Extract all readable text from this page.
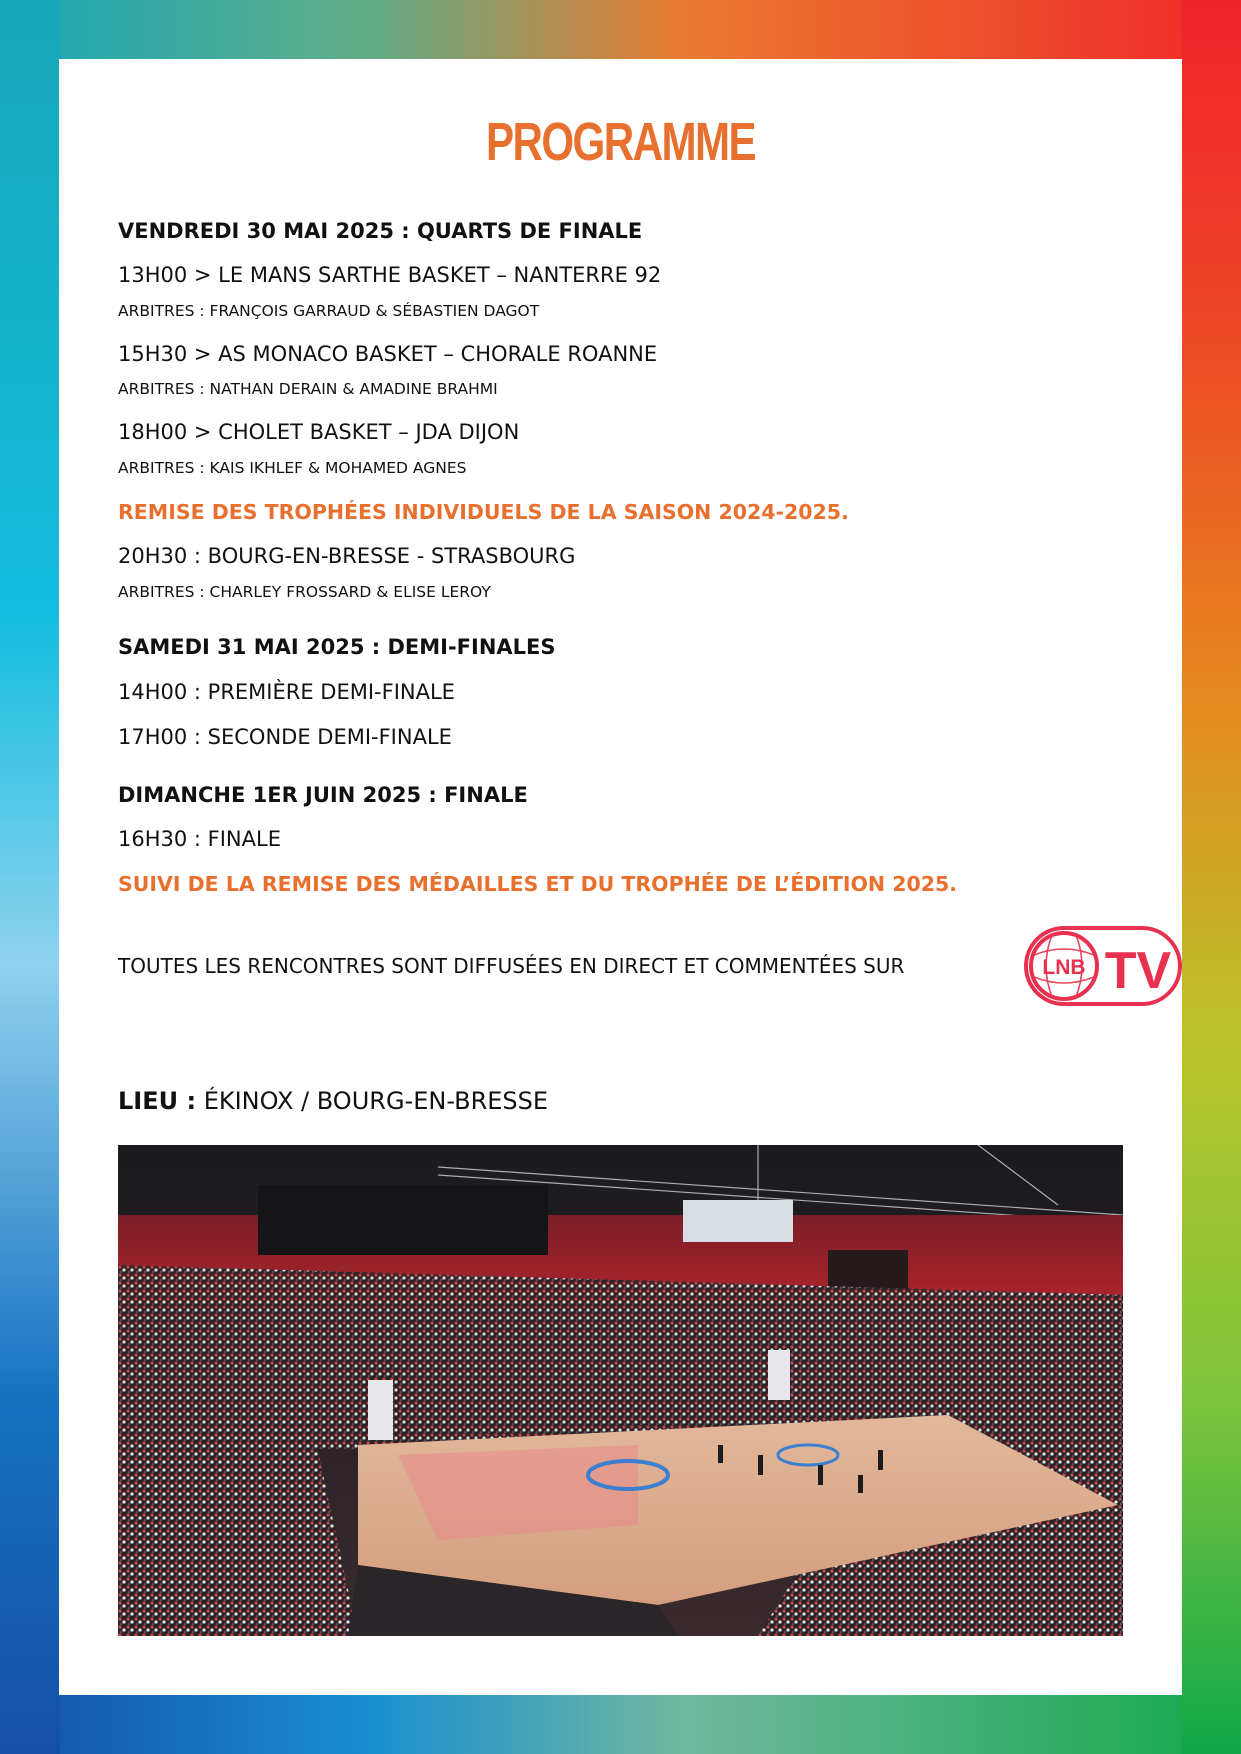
PROGRAMME
VENDREDI 30 MAI 2025 : QUARTS DE FINALE
13H00 > LE MANS SARTHE BASKET – NANTERRE 92
ARBITRES : FRANÇOIS GARRAUD & SÉBASTIEN DAGOT
15H30 > AS MONACO BASKET – CHORALE ROANNE
ARBITRES : NATHAN DERAIN & AMADINE BRAHMI
18H00 > CHOLET BASKET – JDA DIJON
ARBITRES : KAIS IKHLEF & MOHAMED AGNES
REMISE DES TROPHÉES INDIVIDUELS DE LA SAISON 2024-2025.
20H30 : BOURG-EN-BRESSE - STRASBOURG
ARBITRES : CHARLEY FROSSARD & ELISE LEROY
SAMEDI 31 MAI 2025 : DEMI-FINALES
14H00 : PREMIÈRE DEMI-FINALE
17H00 : SECONDE DEMI-FINALE
DIMANCHE 1ER JUIN 2025 : FINALE
16H30 : FINALE
SUIVI DE LA REMISE DES MÉDAILLES ET DU TROPHÉE DE L’ÉDITION 2025.
TOUTES LES RENCONTRES SONT DIFFUSÉES EN DIRECT ET COMMENTÉES SUR	LNB TV
LIEU : ÉKINOX / BOURG-EN-BRESSE
